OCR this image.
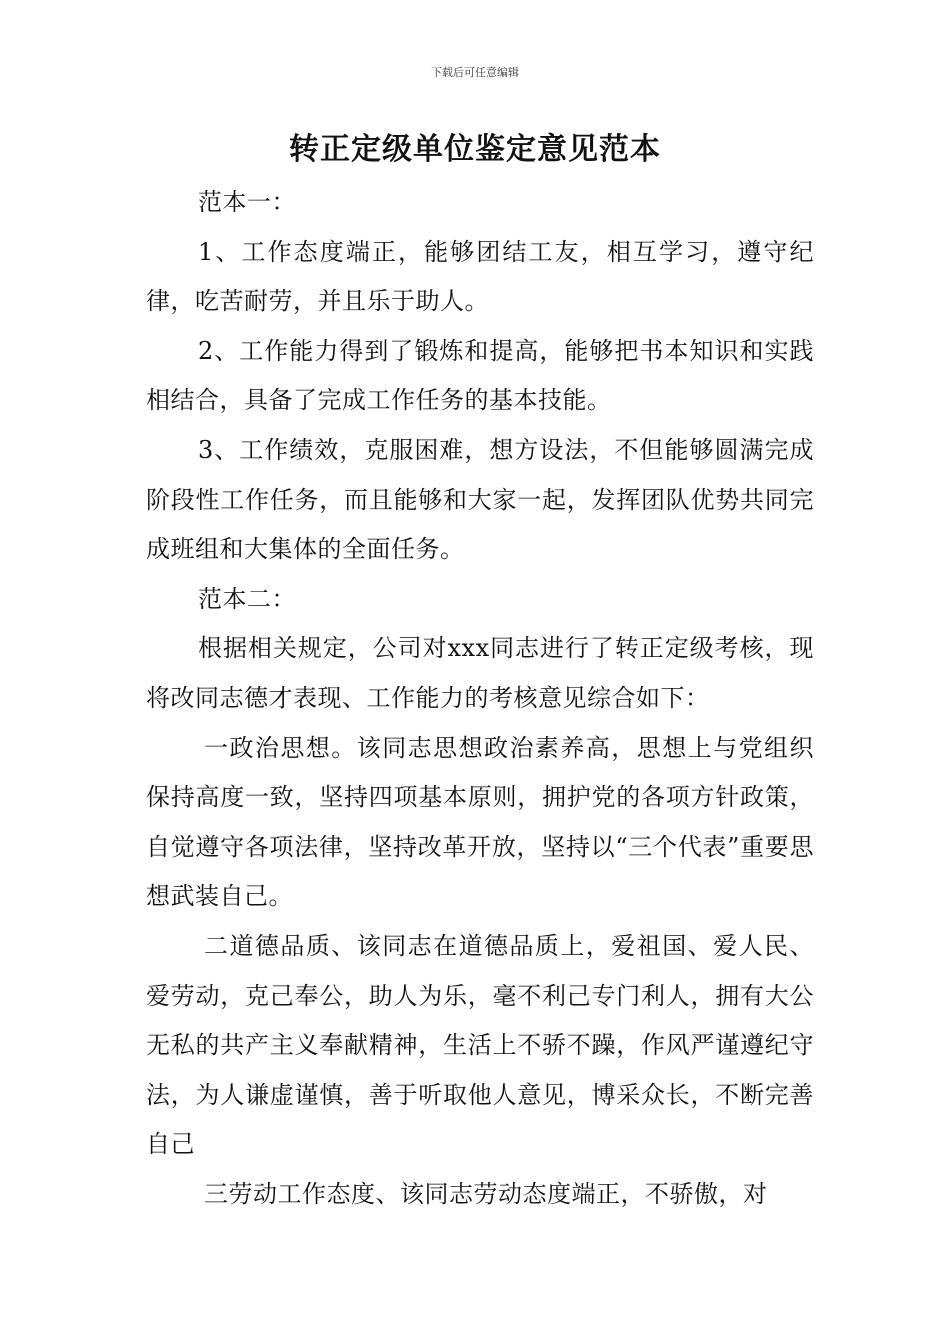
下载后可任意编辑
转正定级单位鉴定意见范本

范本一：

1、工作态度端正，能够团结工友，相互学习，遵守纪律，吃苦耐劳，并且乐于助人。

2、工作能力得到了锻炼和提高，能够把书本知识和实践相结合，具备了完成工作任务的基本技能。

3、工作绩效，克服困难，想方设法，不但能够圆满完成阶段性工作任务，而且能够和大家一起，发挥团队优势共同完成班组和大集体的全面任务。

范本二：

根据相关规定，公司对xxx同志进行了转正定级考核，现将改同志德才表现、工作能力的考核意见综合如下：

一政治思想。该同志思想政治素养高，思想上与党组织保持高度一致，坚持四项基本原则，拥护党的各项方针政策，自觉遵守各项法律，坚持改革开放，坚持以“三个代表”重要思想武装自己。

二道德品质、该同志在道德品质上，爱祖国、爱人民、爱劳动，克己奉公，助人为乐，毫不利己专门利人，拥有大公无私的共产主义奉献精神，生活上不骄不躁，作风严谨遵纪守法，为人谦虚谨慎，善于听取他人意见，博采众长，不断完善自己

三劳动工作态度、该同志劳动态度端正，不骄傲，对
